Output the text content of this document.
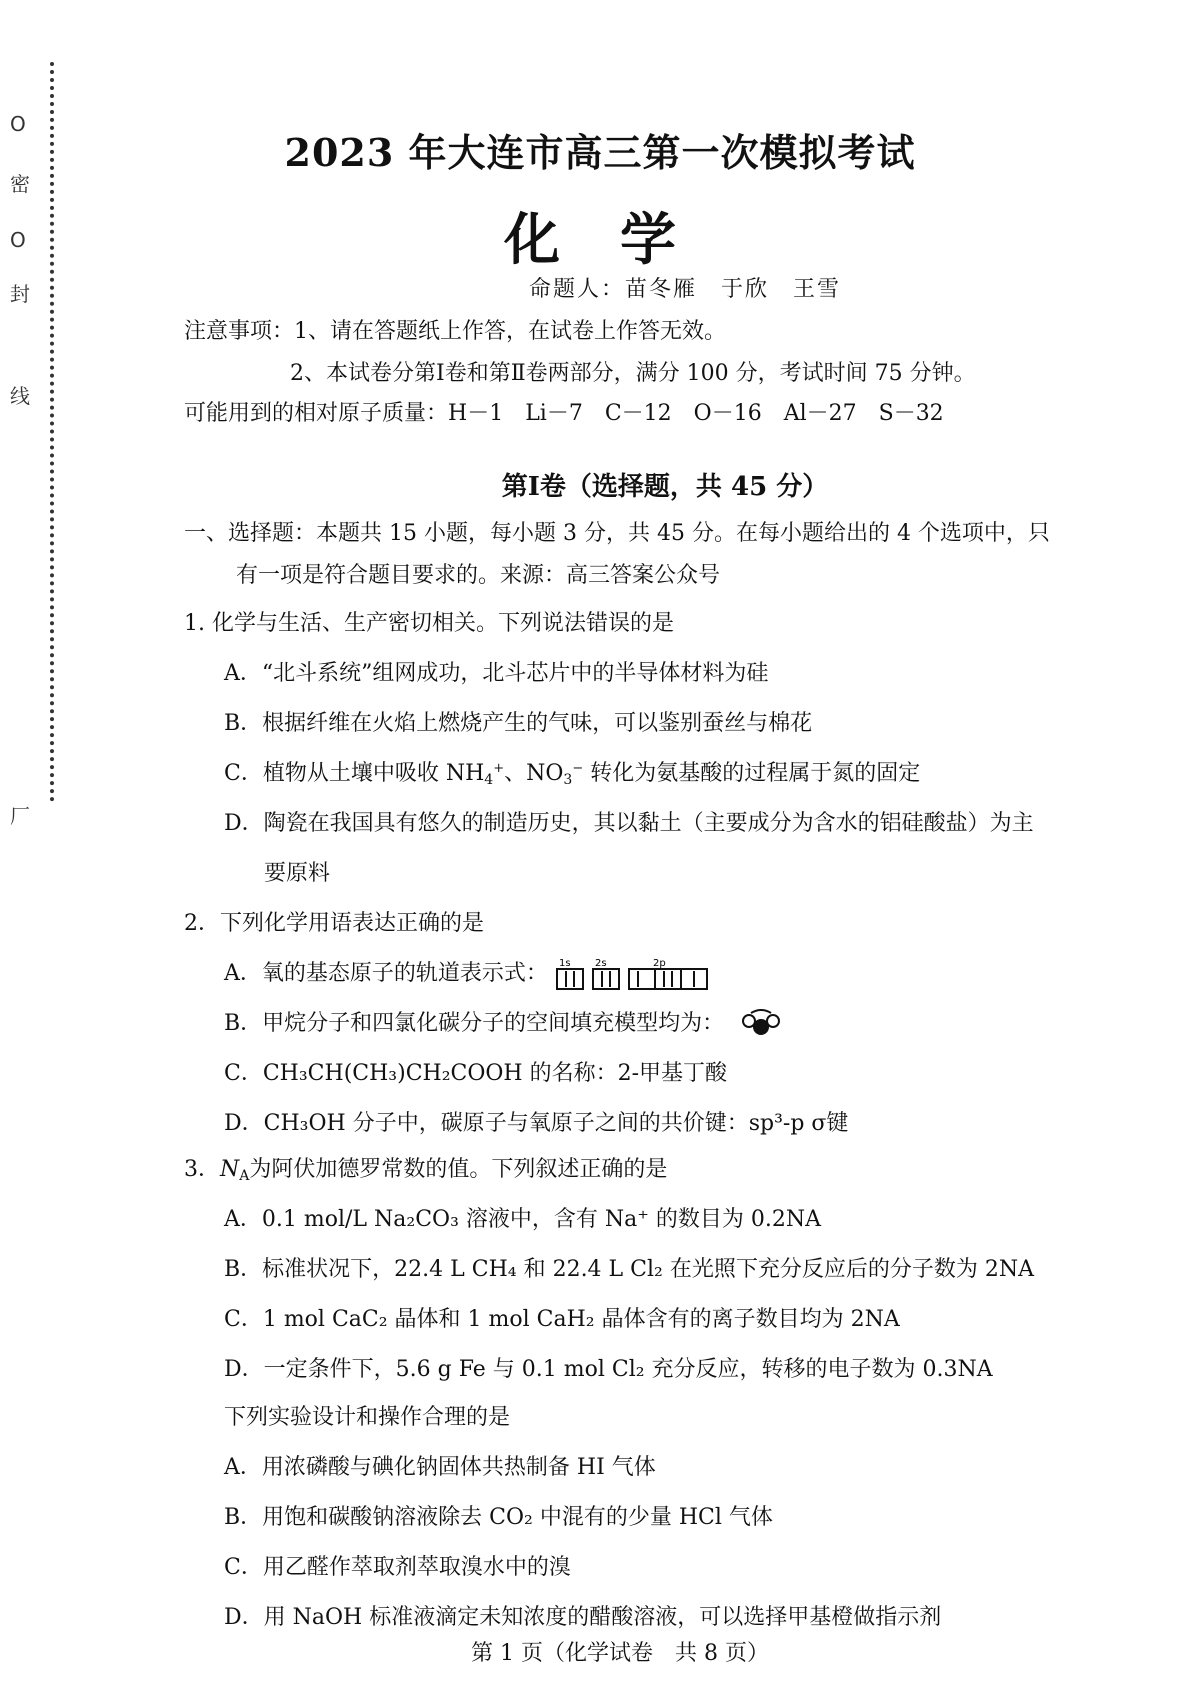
O
密
O
封
线
厂
2023 年大连市高三第一次模拟考试
化学
命题人：苗冬雁　于欣　王雪
注意事项：1、请在答题纸上作答，在试卷上作答无效。
2、本试卷分第Ⅰ卷和第Ⅱ卷两部分，满分 100 分，考试时间 75 分钟。
可能用到的相对原子质量：H－1　Li－7　C－12　O－16　Al－27　S－32
第Ⅰ卷（选择题，共 45 分）
一、选择题：本题共 15 小题，每小题 3 分，共 45 分。在每小题给出的 4 个选项中，只
有一项是符合题目要求的。来源：高三答案公众号
1. 化学与生活、生产密切相关。下列说法错误的是
A．“北斗系统”组网成功，北斗芯片中的半导体材料为硅
B．根据纤维在火焰上燃烧产生的气味，可以鉴别蚕丝与棉花
C．植物从土壤中吸收 $NH_4^+$、$NO_3^-$ 转化为氨基酸的过程属于氮的固定
D．陶瓷在我国具有悠久的制造历史，其以黏土（主要成分为含水的铝硅酸盐）为主
要原料
2．下列化学用语表达正确的是
A．氧的基态原子的轨道表示式： 1s 2s	2p
B．甲烷分子和四氯化碳分子的空间填充模型均为：
C．CH₃CH(CH₃)CH₂COOH 的名称：2-甲基丁酸
D．CH₃OH 分子中，碳原子与氧原子之间的共价键：sp³-p σ键
3．$N_A$为阿伏加德罗常数的值。下列叙述正确的是
A．0.1 mol/L Na₂CO₃ 溶液中，含有 Na⁺ 的数目为 0.2NA
B．标准状况下，22.4 L CH₄ 和 22.4 L Cl₂ 在光照下充分反应后的分子数为 2NA
C．1 mol CaC₂ 晶体和 1 mol CaH₂ 晶体含有的离子数目均为 2NA
D．一定条件下，5.6 g Fe 与 0.1 mol Cl₂ 充分反应，转移的电子数为 0.3NA
下列实验设计和操作合理的是
A．用浓磷酸与碘化钠固体共热制备 HI 气体
B．用饱和碳酸钠溶液除去 CO₂ 中混有的少量 HCl 气体
C．用乙醛作萃取剂萃取溴水中的溴
D．用 NaOH 标准液滴定未知浓度的醋酸溶液，可以选择甲基橙做指示剂
第 1 页（化学试卷　共 8 页）
